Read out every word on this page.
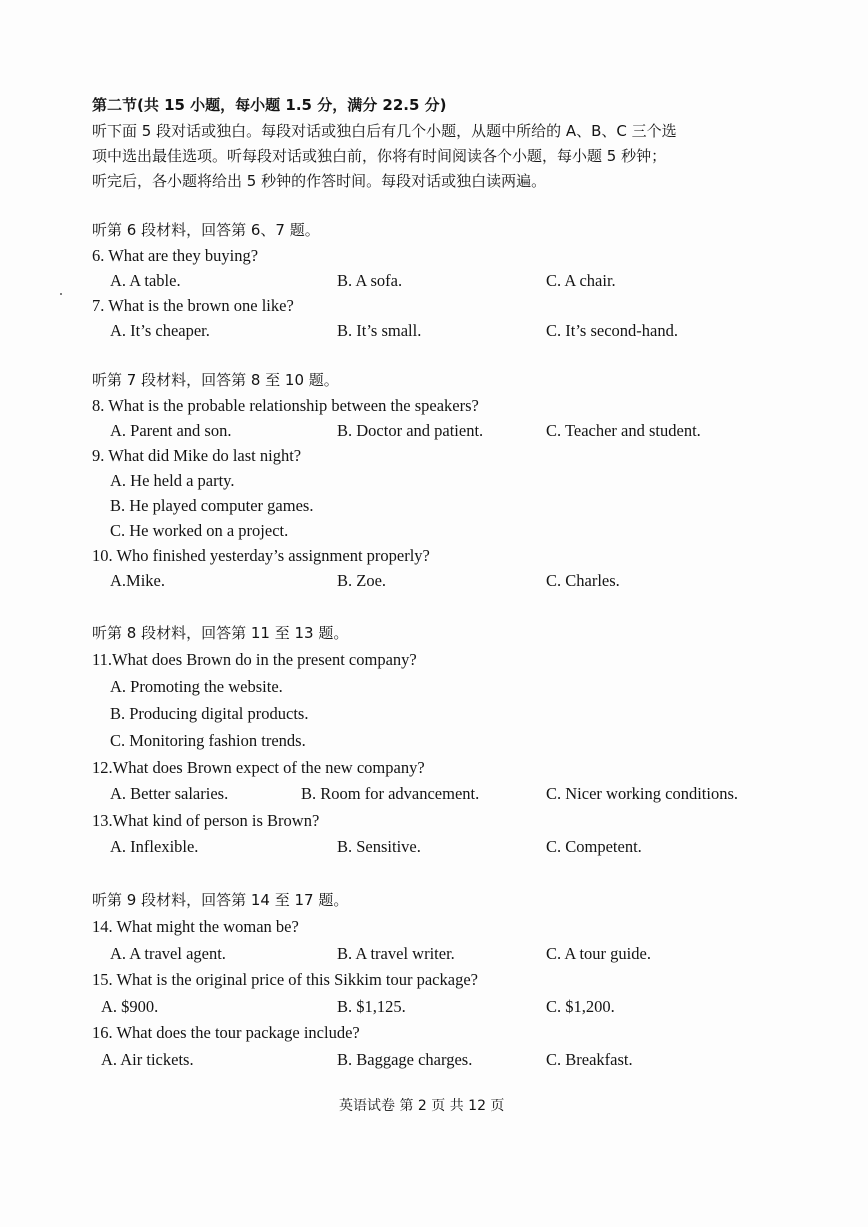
第二节(共 15 小题，每小题 1.5 分，满分 22.5 分)
听下面 5 段对话或独白。每段对话或独白后有几个小题，从题中所给的 A、B、C 三个选
项中选出最佳选项。听每段对话或独白前，你将有时间阅读各个小题，每小题 5 秒钟；
听完后，各小题将给出 5 秒钟的作答时间。每段对话或独白读两遍。
听第 6 段材料，回答第 6、7 题。
6. What are they buying?
A. A table.	B. A sofa.	C. A chair.
7. What is the brown one like?
A. It’s cheaper.	B. It’s small.	C. It’s second-hand.
听第 7 段材料，回答第 8 至 10 题。
8. What is the probable relationship between the speakers?
A. Parent and son.	B. Doctor and patient.	C. Teacher and student.
9. What did Mike do last night?
A. He held a party.
B. He played computer games.
C. He worked on a project.
10. Who finished yesterday’s assignment properly?
A.Mike.	B. Zoe.	C. Charles.
听第 8 段材料，回答第 11 至 13 题。
11.What does Brown do in the present company?
A. Promoting the website.
B. Producing digital products.
C. Monitoring fashion trends.
12.What does Brown expect of the new company?
A. Better salaries.	B. Room for advancement.	C. Nicer working conditions.
13.What kind of person is Brown?
A. Inflexible.	B. Sensitive.	C. Competent.
听第 9 段材料，回答第 14 至 17 题。
14. What might the woman be?
A. A travel agent.	B. A travel writer.	C. A tour guide.
15. What is the original price of this Sikkim tour package?
A. $900.	B. $1,125.	C. $1,200.
16. What does the tour package include?
A. Air tickets.	B. Baggage charges.	C. Breakfast.
英语试卷 第 2 页 共 12 页
